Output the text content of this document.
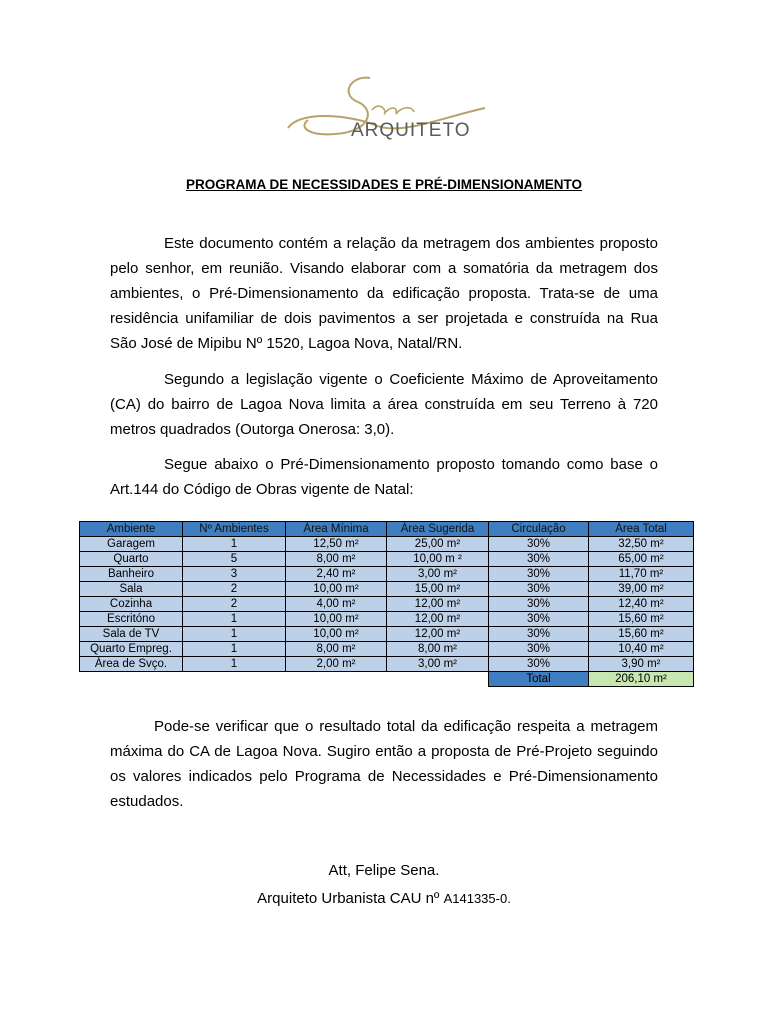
ARQUITETO
PROGRAMA DE NECESSIDADES E PRÉ-DIMENSIONAMENTO

Este documento contém a relação da metragem dos ambientes proposto pelo senhor, em reunião. Visando elaborar com a somatória da metragem dos ambientes, o Pré-Dimensionamento da edificação proposta. Trata-se de uma residência unifamiliar de dois pavimentos a ser projetada e construída na Rua São José de Mipibu Nº 1520, Lagoa Nova, Natal/RN.

Segundo a legislação vigente o Coeficiente Máximo de Aproveitamento (CA) do bairro de Lagoa Nova limita a área construída em seu Terreno à 720 metros quadrados (Outorga Onerosa: 3,0).

Segue abaixo o Pré-Dimensionamento proposto tomando como base o Art.144 do Código de Obras vigente de Natal:

Ambiente	Nº Ambientes	Área Mínima	Área Sugerida	Circulação	Área Total
Garagem	1	12,50 m²	25,00 m²	30%	32,50 m²
Quarto	5	8,00 m²	10,00 m ²	30%	65,00 m²
Banheiro	3	2,40 m²	3,00 m²	30%	11,70 m²
Sala	2	10,00 m²	15,00 m²	30%	39,00 m²
Cozinha	2	4,00 m²	12,00 m²	30%	12,40 m²
Escritóno	1	10,00 m²	12,00 m²	30%	15,60 m²
Sala de TV	1	10,00 m²	12,00 m²	30%	15,60 m²
Quarto Empreg.	1	8,00 m²	8,00 m²	30%	10,40 m²
Área de Svço.	1	2,00 m²	3,00 m²	30%	3,90 m²
				Total	206,10 m²

Pode-se verificar que o resultado total da edificação respeita a metragem máxima do CA de Lagoa Nova. Sugiro então a proposta de Pré-Projeto seguindo os valores indicados pelo Programa de Necessidades e Pré-Dimensionamento estudados.

Att, Felipe Sena.

Arquiteto Urbanista CAU nº A141335-0.
